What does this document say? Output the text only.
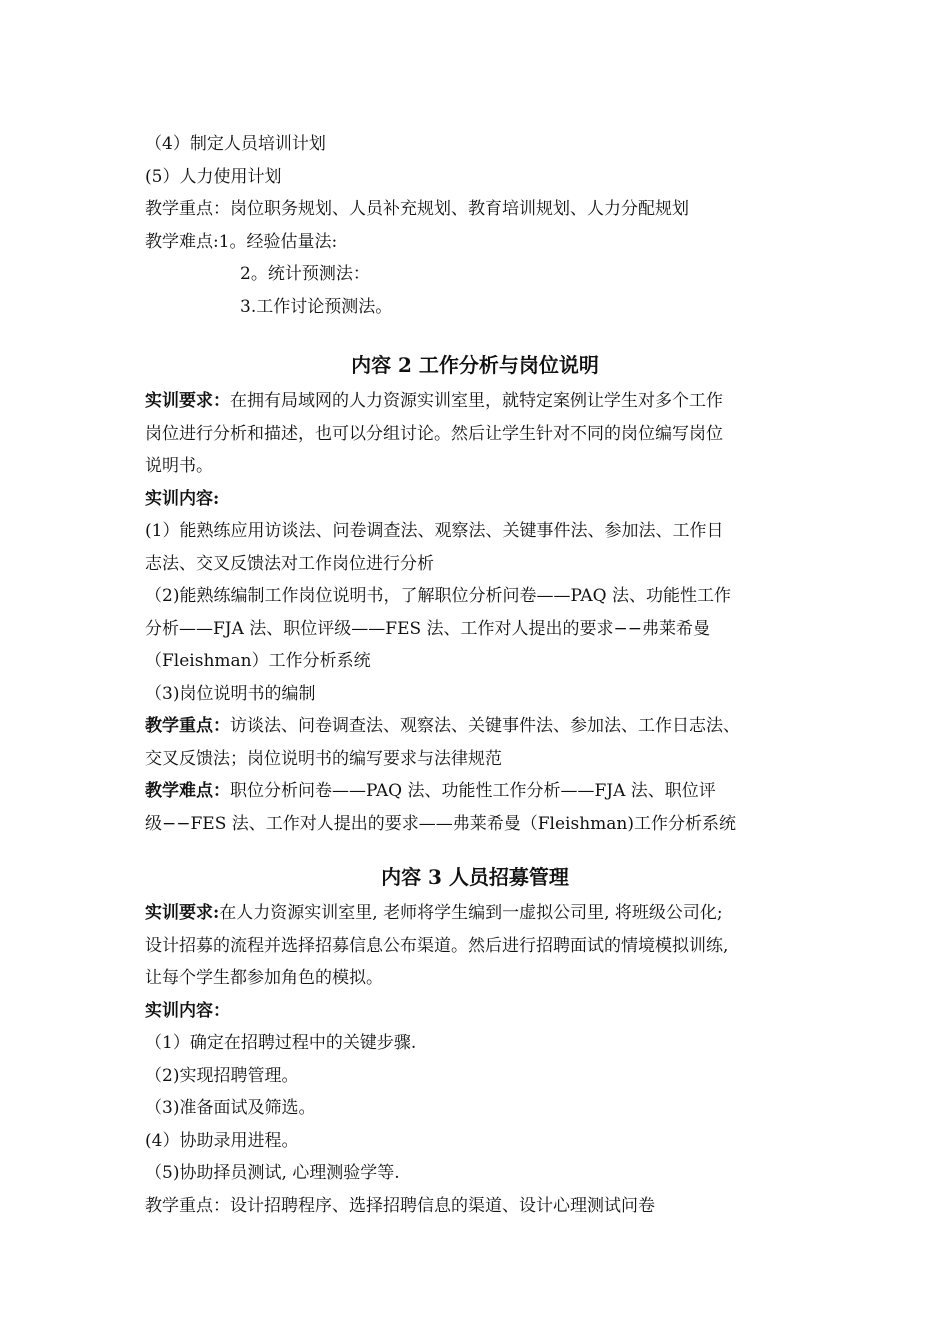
（4）制定人员培训计划
(5）人力使用计划
教学重点：岗位职务规划、人员补充规划、教育培训规划、人力分配规划
教学难点:1。经验估量法:
2。统计预测法：
3.工作讨论预测法。
内容 2 工作分析与岗位说明
实训要求：在拥有局域网的人力资源实训室里，就特定案例让学生对多个工作
岗位进行分析和描述，也可以分组讨论。然后让学生针对不同的岗位编写岗位
说明书。
实训内容:
(1）能熟练应用访谈法、问卷调查法、观察法、关键事件法、参加法、工作日
志法、交叉反馈法对工作岗位进行分析
（2)能熟练编制工作岗位说明书，了解职位分析问卷——PAQ 法、功能性工作
分析——FJA 法、职位评级——FES 法、工作对人提出的要求−−弗莱希曼
（Fleishman）工作分析系统
（3)岗位说明书的编制
教学重点：访谈法、问卷调查法、观察法、关键事件法、参加法、工作日志法、
交叉反馈法；岗位说明书的编写要求与法律规范
教学难点：职位分析问卷——PAQ 法、功能性工作分析——FJA 法、职位评
级−−FES 法、工作对人提出的要求——弗莱希曼（Fleishman)工作分析系统
内容 3 人员招募管理
实训要求:在人力资源实训室里, 老师将学生编到一虚拟公司里, 将班级公司化;
设计招募的流程并选择招募信息公布渠道。然后进行招聘面试的情境模拟训练,
让每个学生都参加角色的模拟。
实训内容：
（1）确定在招聘过程中的关键步骤.
（2)实现招聘管理。
（3)准备面试及筛选。
(4）协助录用进程。
（5)协助择员测试, 心理测验学等.
教学重点：设计招聘程序、选择招聘信息的渠道、设计心理测试问卷
